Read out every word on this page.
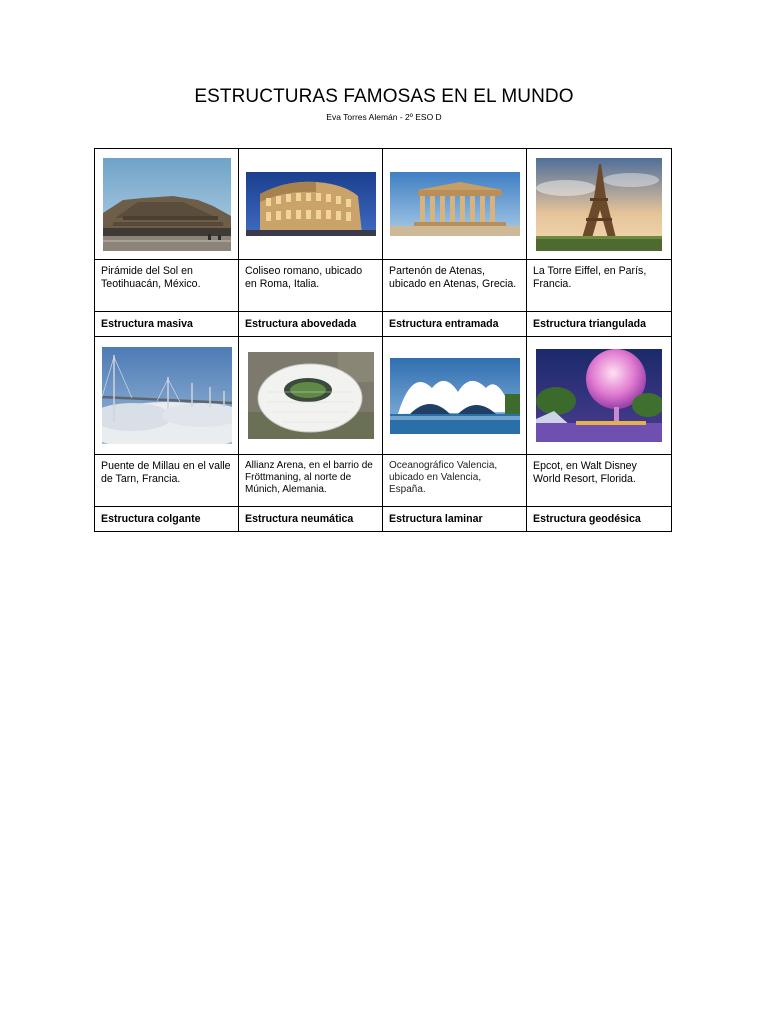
ESTRUCTURAS FAMOSAS EN EL MUNDO
Eva Torres Alemán - 2º ESO D

Pirámide del Sol en Teotihuacán, México.	Coliseo romano, ubicado en Roma, Italia.	Partenón de Atenas, ubicado en Atenas, Grecia.	La Torre Eiffel, en París, Francia.

Estructura masiva	Estructura abovedada	Estructura entramada	Estructura triangulada

Puente de Millau en el valle de Tarn, Francia.	Allianz Arena, en el barrio de Fröttmaning, al norte de Múnich, Alemania.	Oceanográfico Valencia, ubicado en Valencia, España.	Epcot, en Walt Disney World Resort, Florida.

Estructura colgante	Estructura neumática	Estructura laminar	Estructura geodésica
